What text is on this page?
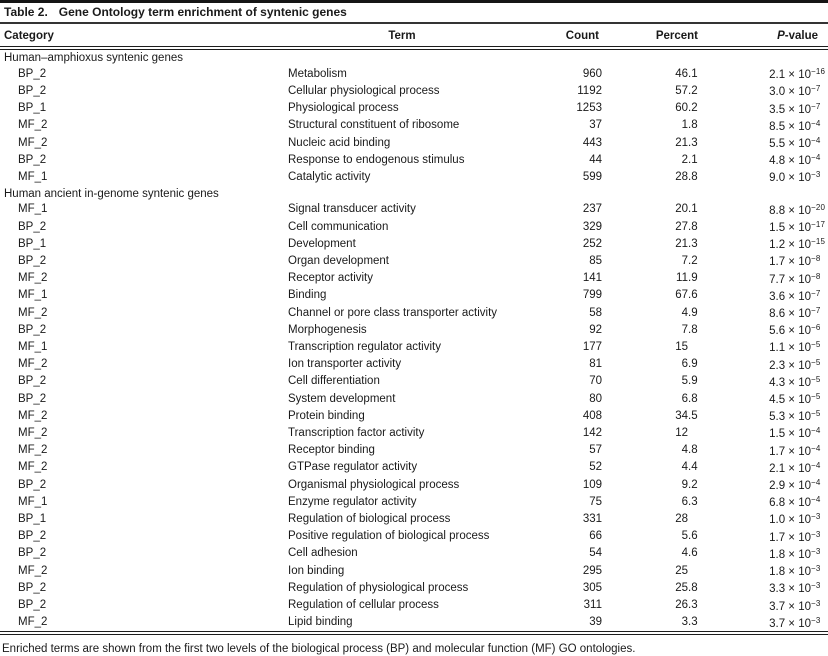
Table 2. Gene Ontology term enrichment of syntenic genes
Category	Term	Count	Percent	P-value
Human–amphioxus syntenic genes				
BP_2	Metabolism	960	46.1	2.1 × 10−16
BP_2	Cellular physiological process	1192	57.2	3.0 × 10−7
BP_1	Physiological process	1253	60.2	3.5 × 10−7
MF_2	Structural constituent of ribosome	37	1.8	8.5 × 10−4
MF_2	Nucleic acid binding	443	21.3	5.5 × 10−4
BP_2	Response to endogenous stimulus	44	2.1	4.8 × 10−4
MF_1	Catalytic activity	599	28.8	9.0 × 10−3
Human ancient in-genome syntenic genes				
MF_1	Signal transducer activity	237	20.1	8.8 × 10−20
BP_2	Cell communication	329	27.8	1.5 × 10−17
BP_1	Development	252	21.3	1.2 × 10−15
BP_2	Organ development	85	7.2	1.7 × 10−8
MF_2	Receptor activity	141	11.9	7.7 × 10−8
MF_1	Binding	799	67.6	3.6 × 10−7
MF_2	Channel or pore class transporter activity	58	4.9	8.6 × 10−7
BP_2	Morphogenesis	92	7.8	5.6 × 10−6
MF_1	Transcription regulator activity	177	15	1.1 × 10−5
MF_2	Ion transporter activity	81	6.9	2.3 × 10−5
BP_2	Cell differentiation	70	5.9	4.3 × 10−5
BP_2	System development	80	6.8	4.5 × 10−5
MF_2	Protein binding	408	34.5	5.3 × 10−5
MF_2	Transcription factor activity	142	12	1.5 × 10−4
MF_2	Receptor binding	57	4.8	1.7 × 10−4
MF_2	GTPase regulator activity	52	4.4	2.1 × 10−4
BP_2	Organismal physiological process	109	9.2	2.9 × 10−4
MF_1	Enzyme regulator activity	75	6.3	6.8 × 10−4
BP_1	Regulation of biological process	331	28	1.0 × 10−3
BP_2	Positive regulation of biological process	66	5.6	1.7 × 10−3
BP_2	Cell adhesion	54	4.6	1.8 × 10−3
MF_2	Ion binding	295	25	1.8 × 10−3
BP_2	Regulation of physiological process	305	25.8	3.3 × 10−3
BP_2	Regulation of cellular process	311	26.3	3.7 × 10−3
MF_2	Lipid binding	39	3.3	3.7 × 10−3
Enriched terms are shown from the first two levels of the biological process (BP) and molecular function (MF) GO ontologies.
